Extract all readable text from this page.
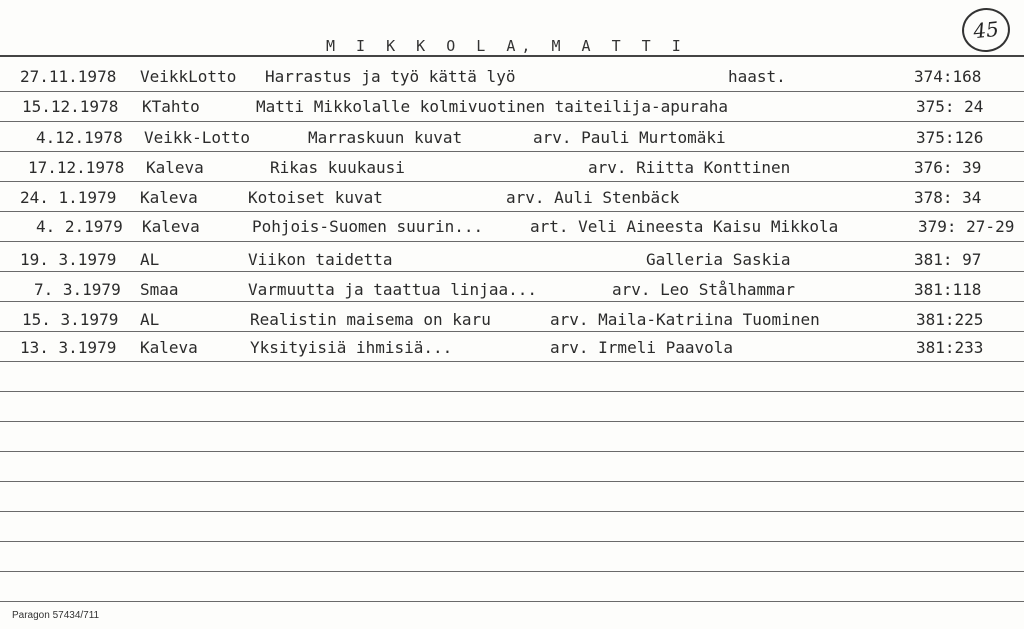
M I K K O L A, M A T T I
45
27.11.1978 VeikkLotto Harrastus ja työ kättä lyö	haast.	374:168
15.12.1978 KTahto	Matti Mikkolalle kolmivuotinen taiteilija-apuraha	375: 24
4.12.1978 Veikk-Lotto	Marraskuun kuvat	arv. Pauli Murtomäki	375:126
17.12.1978 Kaleva	Rikas kuukausi	arv. Riitta Konttinen	376: 39
24. 1.1979 Kaleva	Kotoiset kuvat	arv. Auli Stenbäck	378: 34
4. 2.1979 Kaleva	Pohjois-Suomen suurin...	art. Veli Aineesta Kaisu Mikkola	379: 27-29
19. 3.1979 AL	Viikon taidetta	Galleria Saskia	381: 97
7. 3.1979 Smaa	Varmuutta ja taattua linjaa...	arv. Leo Stålhammar	381:118
15. 3.1979 AL	Realistin maisema on karu	arv. Maila-Katriina Tuominen	381:225
13. 3.1979 Kaleva	Yksityisiä ihmisiä...	arv. Irmeli Paavola	381:233
Paragon 57434/711
